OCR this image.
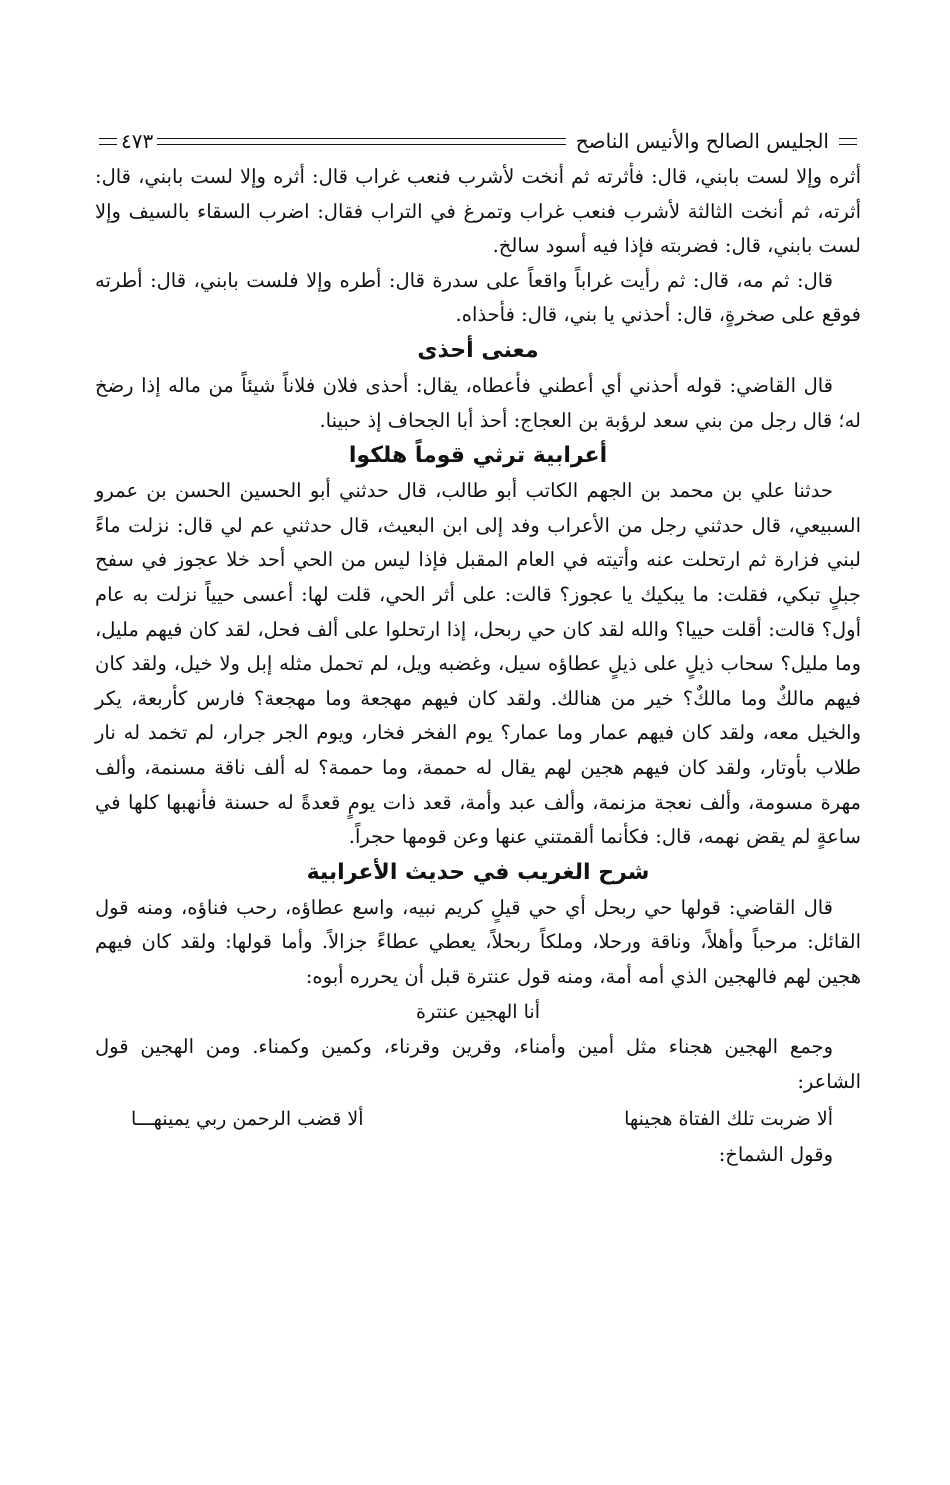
الجليس الصالح والأنيس الناصح
٤٧٣

أثره وإلا لست بابني، قال: فأثرته ثم أنخت لأشرب فنعب غراب قال: أثره وإلا لست بابني، قال: أثرته، ثم أنخت الثالثة لأشرب فنعب غراب وتمرغ في التراب فقال: اضرب السقاء بالسيف وإلا لست بابني، قال: فضربته فإذا فيه أسود سالخ.

قال: ثم مه، قال: ثم رأيت غراباً واقعاً على سدرة قال: أطره وإلا فلست بابني، قال: أطرته فوقع على صخرةٍ، قال: أحذني يا بني، قال: فأحذاه.

معنى أحذى

قال القاضي: قوله أحذني أي أعطني فأعطاه، يقال: أحذى فلان فلاناً شيئاً من ماله إذا رضخ له؛ قال رجل من بني سعد لرؤبة بن العجاج: أحذ أبا الجحاف إذ حبينا.

أعرابية ترثي قوماً هلكوا

حدثنا علي بن محمد بن الجهم الكاتب أبو طالب، قال حدثني أبو الحسين الحسن بن عمرو السبيعي، قال حدثني رجل من الأعراب وفد إلى ابن البعيث، قال حدثني عم لي قال: نزلت ماءً لبني فزارة ثم ارتحلت عنه وأتيته في العام المقبل فإذا ليس من الحي أحد خلا عجوز في سفح جبلٍ تبكي، فقلت: ما يبكيك يا عجوز؟ قالت: على أثر الحي، قلت لها: أعسى حيياً نزلت به عام أول؟ قالت: أقلت حييا؟ والله لقد كان حي ربحل، إذا ارتحلوا على ألف فحل، لقد كان فيهم مليل، وما مليل؟ سحاب ذيلٍ على ذيلٍ عطاؤه سيل، وغضبه ويل، لم تحمل مثله إبل ولا خيل، ولقد كان فيهم مالكٌ وما مالكٌ؟ خير من هنالك. ولقد كان فيهم مهجعة وما مهجعة؟ فارس كأربعة، يكر والخيل معه، ولقد كان فيهم عمار وما عمار؟ يوم الفخر فخار، ويوم الجر جرار، لم تخمد له نار طلاب بأوتار، ولقد كان فيهم هجين لهم يقال له حممة، وما حممة؟ له ألف ناقة مسنمة، وألف مهرة مسومة، وألف نعجة مزنمة، وألف عبد وأمة، قعد ذات يومٍ قعدةً له حسنة فأنهبها كلها في ساعةٍ لم يقض نهمه، قال: فكأنما ألقمتني عنها وعن قومها حجراً.

شرح الغريب في حديث الأعرابية

قال القاضي: قولها حي ربحل أي حي قيلٍ كريم نبيه، واسع عطاؤه، رحب فناؤه، ومنه قول القائل: مرحباً وأهلاً، وناقة ورحلا، وملكاً ربحلاً، يعطي عطاءً جزالاً. وأما قولها: ولقد كان فيهم هجين لهم فالهجين الذي أمه أمة، ومنه قول عنترة قبل أن يحرره أبوه:

أنا الهجين عنترة

وجمع الهجين هجناء مثل أمين وأمناء، وقرين وقرناء، وكمين وكمناء. ومن الهجين قول الشاعر:

ألا ضربت تلك الفتاة هجينها
ألا قضب الرحمن ربي يمينهـــا

وقول الشماخ:
